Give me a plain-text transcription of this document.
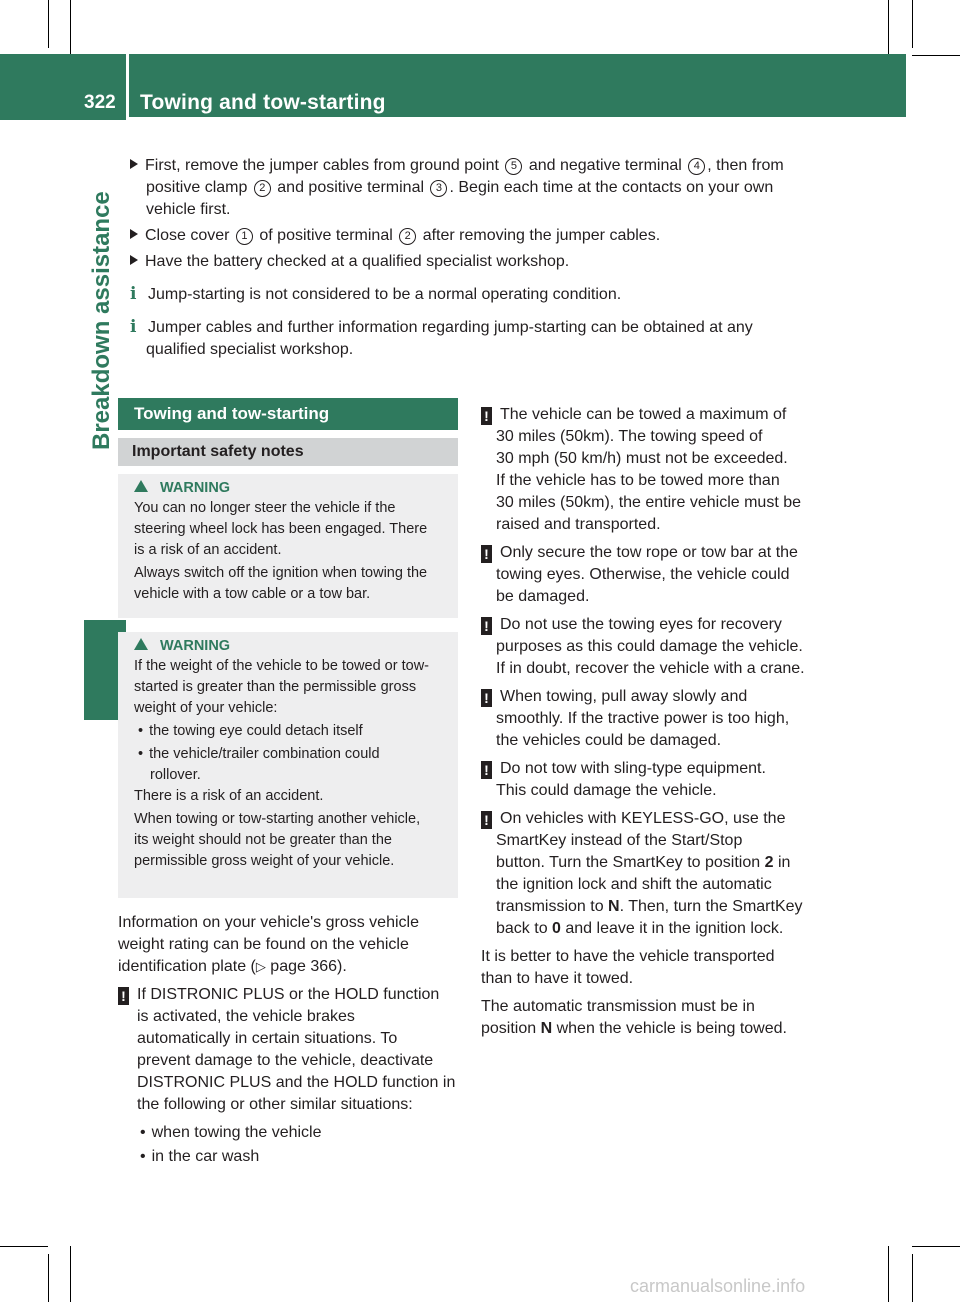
322 Towing and tow-starting
Breakdown assistance

First, remove the jumper cables from ground point 5 and negative terminal 4 , then from

positive clamp 2 and positive terminal 3 . Begin each time at the contacts on your own

vehicle first.

Close cover 1 of positive terminal 2 after removing the jumper cables.

Have the battery checked at a qualified specialist workshop.

i Jump-starting is not considered to be a normal operating condition.

i Jumper cables and further information regarding jump-starting can be obtained at any

qualified specialist workshop.

Towing and tow-starting
Important safety notes
WARNING

You can no longer steer the vehicle if the

steering wheel lock has been engaged. There

is a risk of an accident.

Always switch off the ignition when towing the

vehicle with a tow cable or a tow bar.

WARNING

If the weight of the vehicle to be towed or tow-

started is greater than the permissible gross

weight of your vehicle:

• the towing eye could detach itself

• the vehicle/trailer combination could

rollover.

There is a risk of an accident.

When towing or tow-starting another vehicle,

its weight should not be greater than the

permissible gross weight of your vehicle.

Information on your vehicle's gross vehicle

weight rating can be found on the vehicle

identification plate (▷ page 366).

! If DISTRONIC PLUS or the HOLD function

is activated, the vehicle brakes

automatically in certain situations. To

prevent damage to the vehicle, deactivate

DISTRONIC PLUS and the HOLD function in

the following or other similar situations:

• when towing the vehicle

• in the car wash

! The vehicle can be towed a maximum of

30 miles (50km). The towing speed of

30 mph (50 km/h) must not be exceeded.

If the vehicle has to be towed more than

30 miles (50km), the entire vehicle must be

raised and transported.

! Only secure the tow rope or tow bar at the

towing eyes. Otherwise, the vehicle could

be damaged.

! Do not use the towing eyes for recovery

purposes as this could damage the vehicle.

If in doubt, recover the vehicle with a crane.

! When towing, pull away slowly and

smoothly. If the tractive power is too high,

the vehicles could be damaged.

! Do not tow with sling-type equipment.

This could damage the vehicle.

! On vehicles with KEYLESS-GO, use the

SmartKey instead of the Start/Stop

button. Turn the SmartKey to position 2 in

the ignition lock and shift the automatic

transmission to N. Then, turn the SmartKey

back to 0 and leave it in the ignition lock.

It is better to have the vehicle transported

than to have it towed.

The automatic transmission must be in

position N when the vehicle is being towed.

carmanualsonline.info
